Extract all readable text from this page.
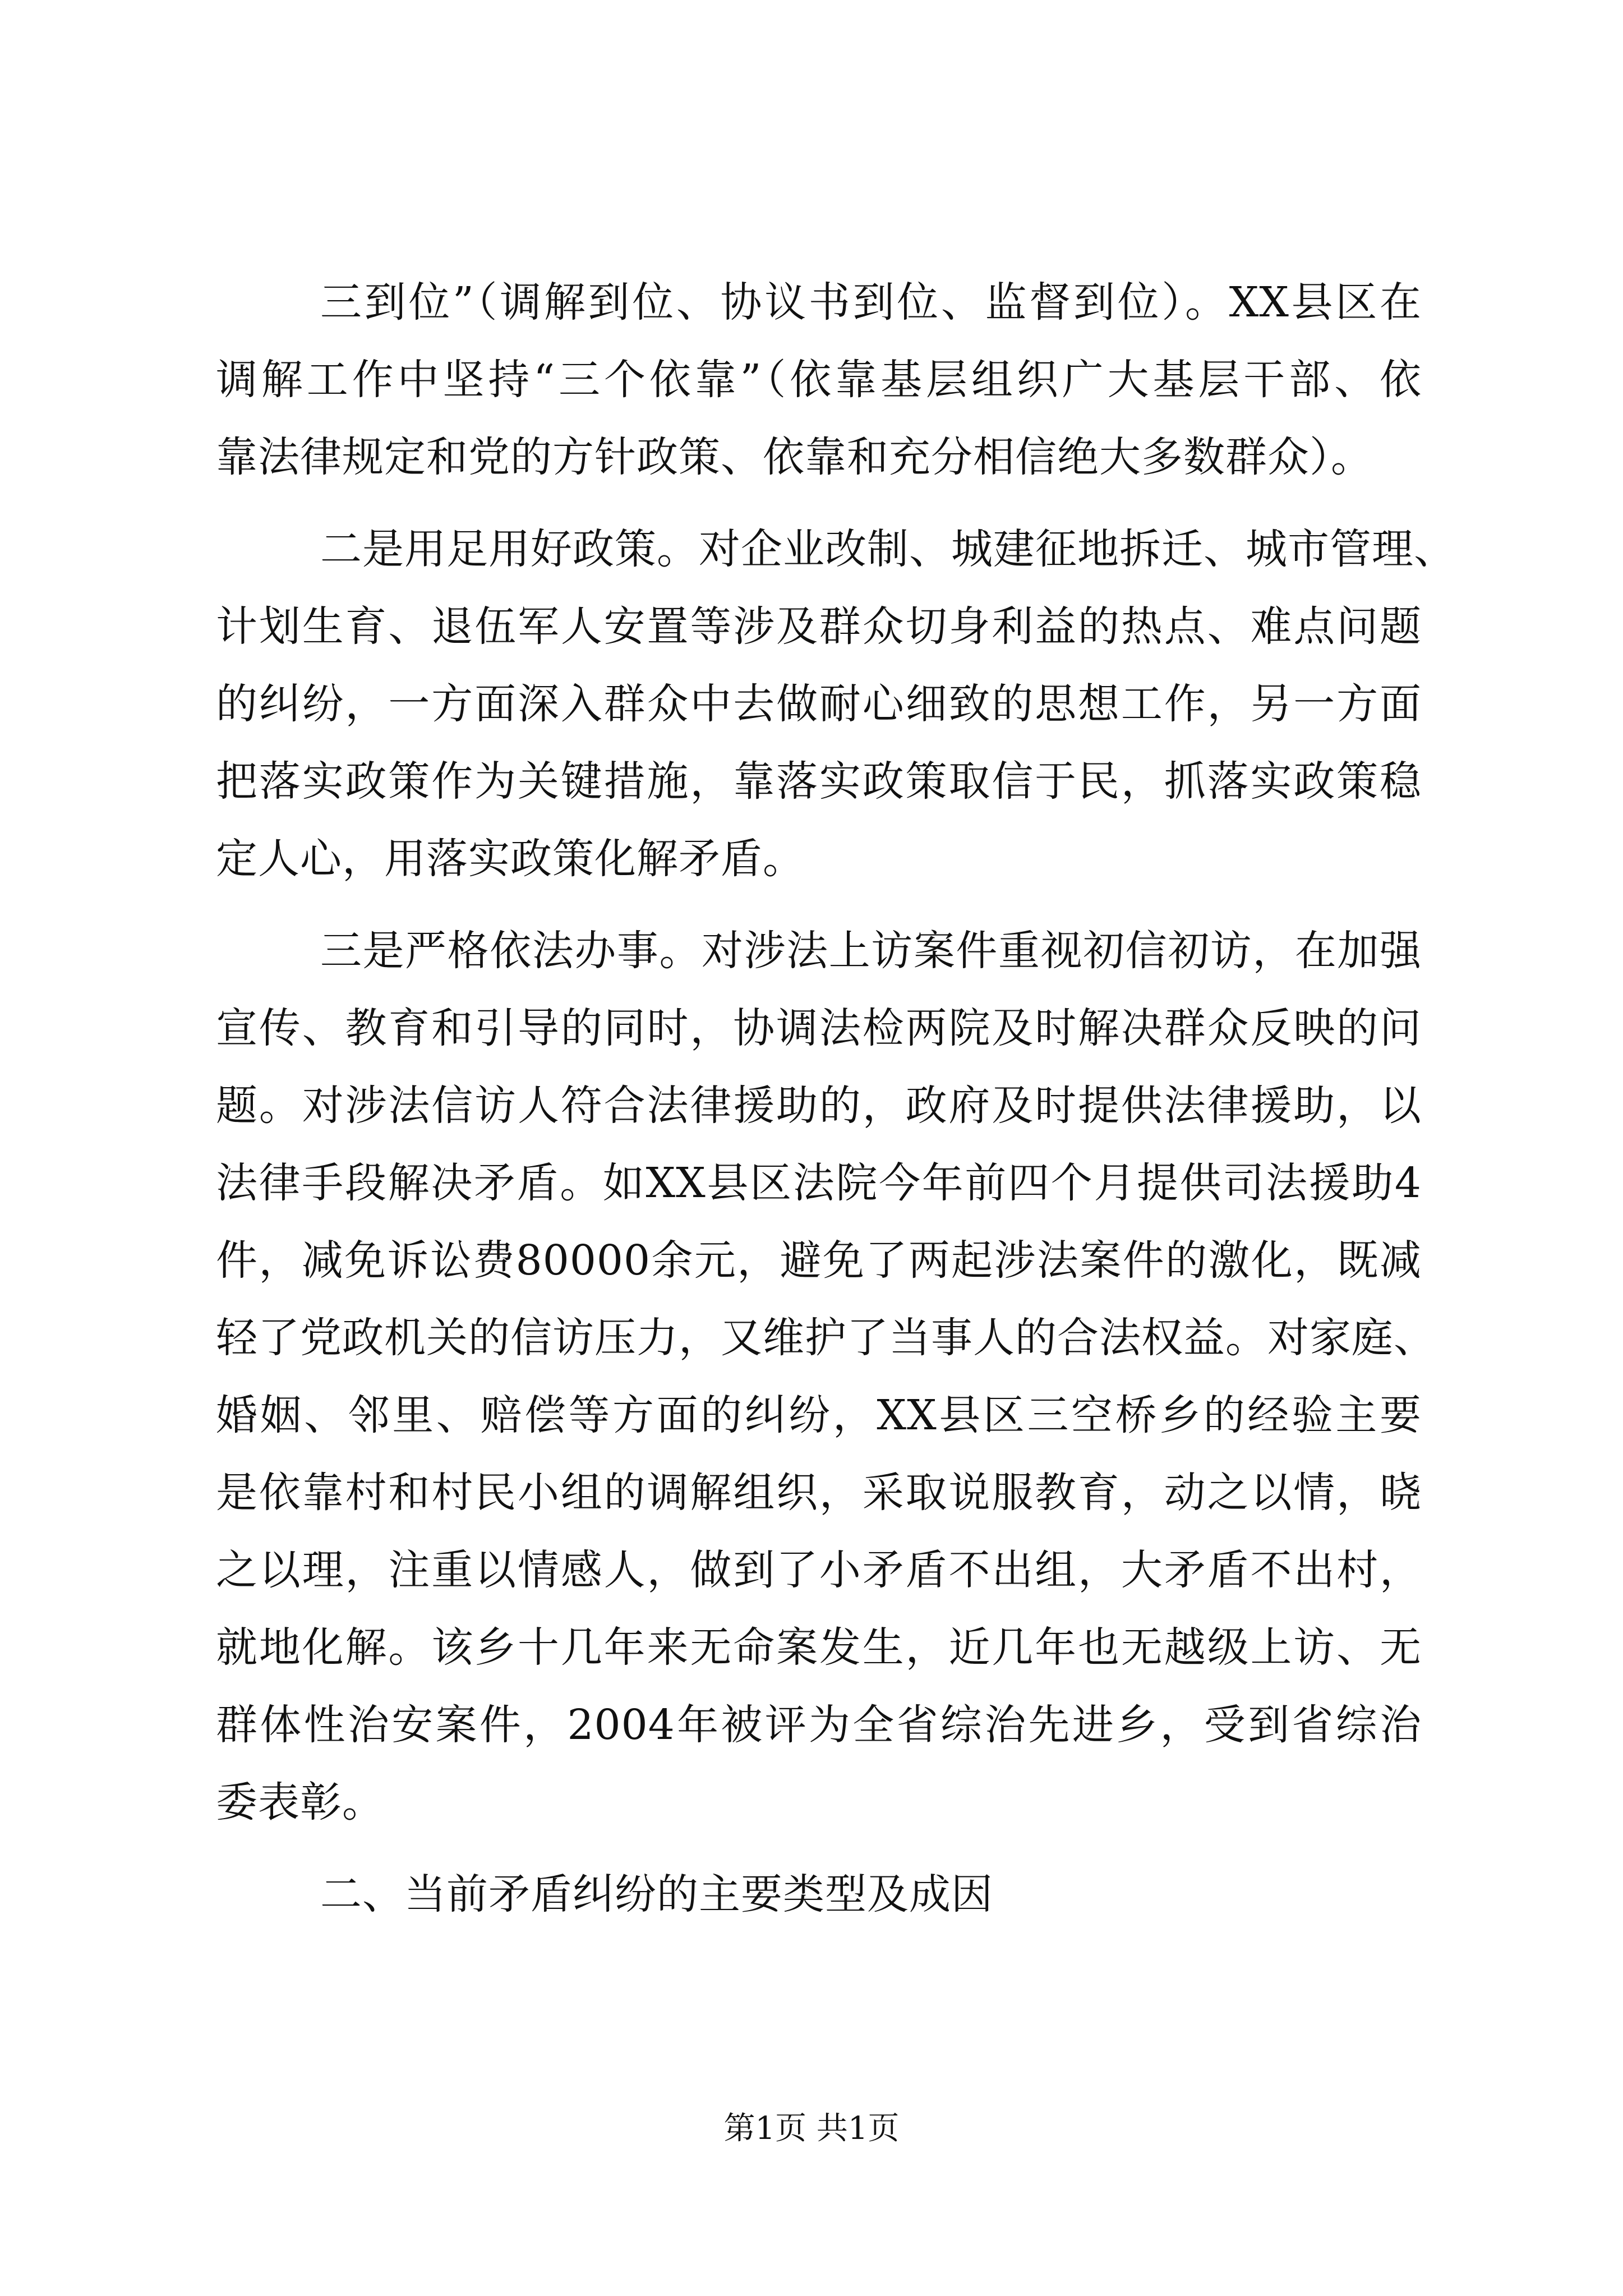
三到位”（调解到位、协议书到位、监督到位）。XX县区在
调解工作中坚持“三个依靠”（依靠基层组织广大基层干部、依
靠法律规定和党的方针政策、依靠和充分相信绝大多数群众）。
二是用足用好政策。对企业改制、城建征地拆迁、城市管理、
计划生育、退伍军人安置等涉及群众切身利益的热点、难点问题
的纠纷，一方面深入群众中去做耐心细致的思想工作，另一方面
把落实政策作为关键措施，靠落实政策取信于民，抓落实政策稳
定人心，用落实政策化解矛盾。
三是严格依法办事。对涉法上访案件重视初信初访，在加强
宣传、教育和引导的同时，协调法检两院及时解决群众反映的问
题。对涉法信访人符合法律援助的，政府及时提供法律援助，以
法律手段解决矛盾。如XX县区法院今年前四个月提供司法援助4
件，减免诉讼费80000余元，避免了两起涉法案件的激化，既减
轻了党政机关的信访压力，又维护了当事人的合法权益。对家庭、
婚姻、邻里、赔偿等方面的纠纷，XX县区三空桥乡的经验主要
是依靠村和村民小组的调解组织，采取说服教育，动之以情，晓
之以理，注重以情感人，做到了小矛盾不出组，大矛盾不出村，
就地化解。该乡十几年来无命案发生，近几年也无越级上访、无
群体性治安案件，2004年被评为全省综治先进乡，受到省综治
委表彰。
二、当前矛盾纠纷的主要类型及成因
第1页 共1页
